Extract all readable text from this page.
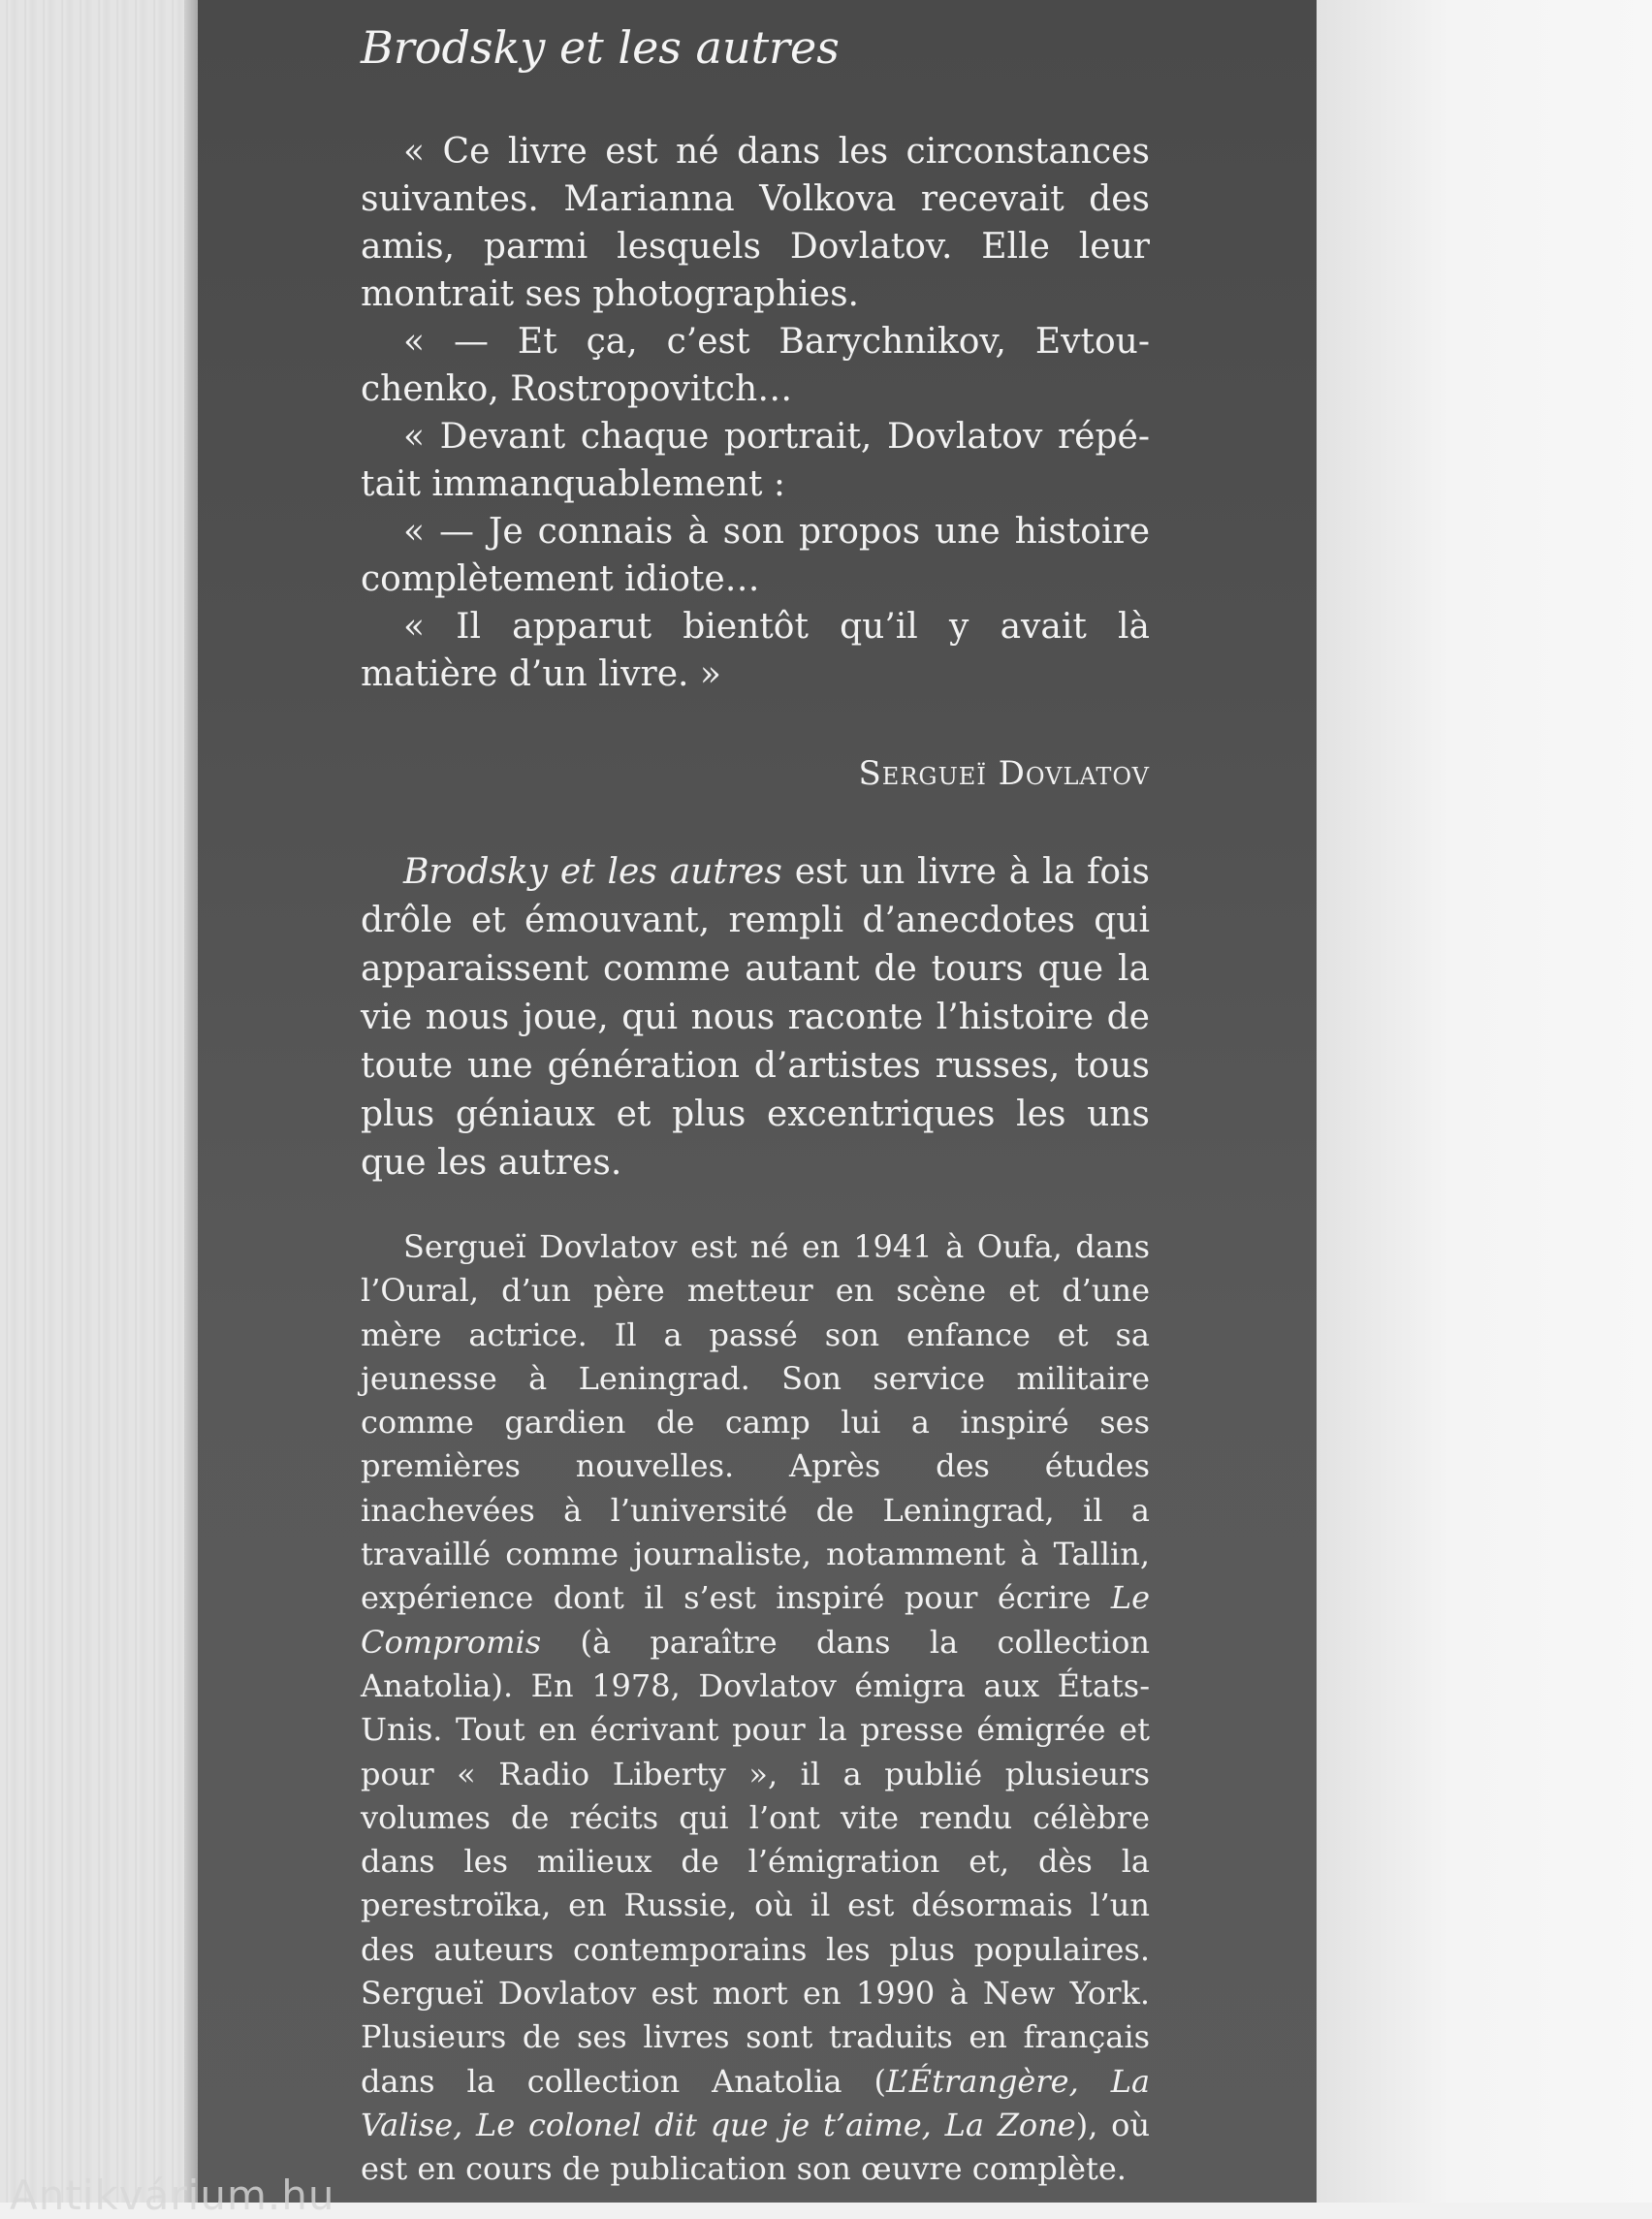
Brodsky et les autres

« Ce livre est né dans les circonstances suivantes. Marianna Volkova recevait des amis, parmi lesquels Dovlatov. Elle leur montrait ses photographies.

« — Et ça, c’est Barychnikov, Evtouchenko, Rostropovitch…

« Devant chaque portrait, Dovlatov répétait immanquablement :

« — Je connais à son propos une histoire complètement idiote…

« Il apparut bientôt qu’il y avait là matière d’un livre. »

Sergueï Dovlatov

Brodsky et les autres est un livre à la fois drôle et émouvant, rempli d’anecdotes qui apparaissent comme autant de tours que la vie nous joue, qui nous raconte l’histoire de toute une génération d’artistes russes, tous plus géniaux et plus excentriques les uns que les autres.

Sergueï Dovlatov est né en 1941 à Oufa, dans l’Oural, d’un père metteur en scène et d’une mère actrice. Il a passé son enfance et sa jeunesse à Leningrad. Son service militaire comme gardien de camp lui a inspiré ses premières nouvelles. Après des études inachevées à l’université de Leningrad, il a travaillé comme journaliste, notamment à Tallin, expérience dont il s’est inspiré pour écrire Le Compromis (à paraître dans la collection Anatolia). En 1978, Dovlatov émigra aux États-Unis. Tout en écrivant pour la presse émigrée et pour « Radio Liberty », il a publié plusieurs volumes de récits qui l’ont vite rendu célèbre dans les milieux de l’émigration et, dès la perestroïka, en Russie, où il est désormais l’un des auteurs contemporains les plus populaires. Sergueï Dovlatov est mort en 1990 à New York. Plusieurs de ses livres sont traduits en français dans la collection Anatolia (L’Étrangère, La Valise, Le colonel dit que je t’aime, La Zone), où est en cours de publication son œuvre complète.

Antikvárium.hu
